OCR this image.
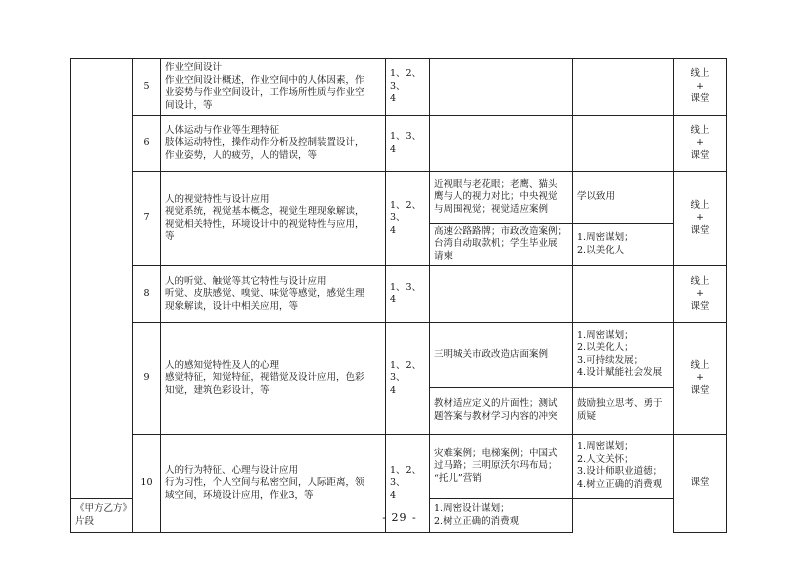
	5	作业空间设计
作业空间设计概述，作业空间中的人体因素，作
业姿势与作业空间设计，工作场所性质与作业空
间设计，等	1、2、3、
4			线上
+
课堂

	6	人体运动与作业等生理特征
肢体运动特性，操作动作分析及控制装置设计，
作业姿势，人的疲劳，人的错误，等	1、3、4			线上
+
课堂

	7	人的视觉特性与设计应用
视觉系统，视觉基本概念，视觉生理现象解读，
视觉相关特性，环境设计中的视觉特性与应用，
等	1、2、3、
4	近视眼与老花眼；老鹰、猫头
鹰与人的视力对比；中央视觉
与周围视觉；视觉适应案例	学以致用	线上
+
课堂

				高速公路路牌；市政改造案例；
台湾自动取款机；学生毕业展
请柬	1.周密谋划；
2.以美化人	

	8	人的听觉、触觉等其它特性与设计应用
听觉、皮肤感觉、嗅觉、味觉等感觉，感觉生理
现象解读，设计中相关应用，等	1、3、4			线上
+
课堂

	9	人的感知觉特性及人的心理
感觉特征，知觉特征，视错觉及设计应用，色彩
知觉，建筑色彩设计，等	1、2、3、
4	三明城关市政改造店面案例	1.周密谋划；
2.以美化人；
3.可持续发展；
4.设计赋能社会发展	线上
+
课堂

				教材适应定义的片面性；测试
题答案与教材学习内容的冲突	鼓励独立思考、勇于
质疑	

	10	人的行为特征、心理与设计应用
行为习性，个人空间与私密空间，人际距离，领
域空间，环境设计应用，作业3，等	1、2、3、
4	灾难案例；电梯案例；中国式
过马路；三明原沃尔玛布局；
“托儿”营销	1.周密谋划；
2.人文关怀；
3.设计师职业道德；
4.树立正确的消费观	课堂

《甲方乙方》片段				1.周密设计谋划；
2.树立正确的消费观		
- 29 -
